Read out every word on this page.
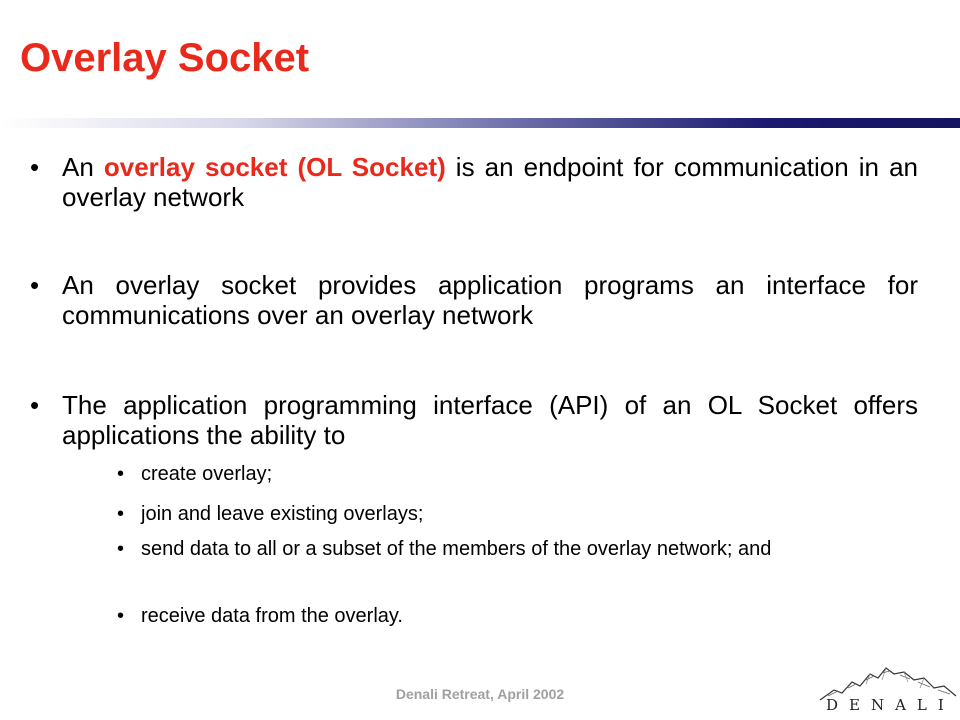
Overlay Socket
• An overlay socket (OL Socket) is an endpoint for communication in an overlay network
• An overlay socket provides application programs an interface for communications over an overlay network
• The application programming interface (API) of an OL Socket offers applications the ability to
• create overlay;
• join and leave existing overlays;
• send data to all or a subset of the members of the overlay network; and
• receive data from the overlay.
Denali Retreat, April 2002
DENALI
